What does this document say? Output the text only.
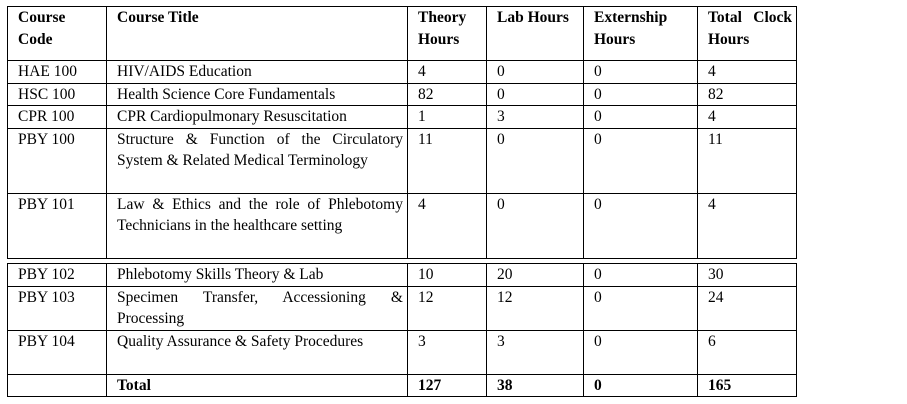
Course Code	Course Title	Theory Hours	Lab Hours	Externship Hours	Total Clock
Hours

HAE 100	HIV/AIDS Education	4	0	0	4
HSC 100	Health Science Core Fundamentals	82	0	0	82
CPR 100	CPR Cardiopulmonary Resuscitation	1	3	0	4
PBY 100	Structure & Function of the Circulatory System & Related Medical Terminology	11	0	0	11
PBY 101	Law & Ethics and the role of Phlebotomy Technicians in the healthcare setting	4	0	0	4
PBY 102	Phlebotomy Skills Theory & Lab	10	20	0	30
PBY 103	Specimen Transfer, Accessioning & Processing	12	12	0	24
PBY 104	Quality Assurance & Safety Procedures	3	3	0	6
	Total	127	38	0	165
